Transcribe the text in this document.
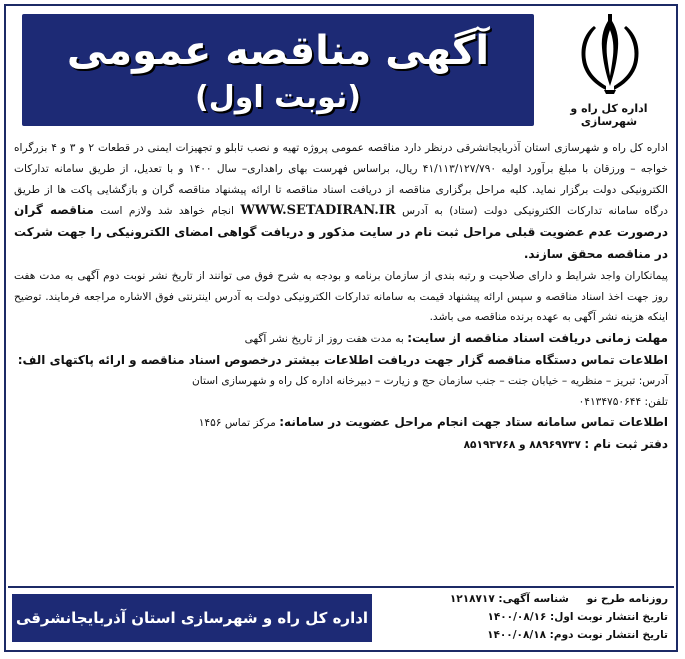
آگهی مناقصه عمومی
(نوبت اول)	اداره کل راه و شهرسازی

اداره کل راه و شهرسازی استان آذربایجانشرقی درنظر دارد مناقصه عمومی پروژه تهیه و نصب تابلو و تجهیزات ایمنی در قطعات ۲ و ۳ و ۴ بزرگراه خواجه – ورزقان با مبلغ برآورد اولیه ۴۱/۱۱۳/۱۲۷/۷۹۰ ریال، براساس فهرست بهای راهداری– سال ۱۴۰۰ و با تعدیل، از طریق سامانه تدارکات الکترونیکی دولت برگزار نماید. کلیه مراحل برگزاری مناقصه از دریافت اسناد مناقصه تا ارائه پیشنهاد مناقصه گران و بازگشایی پاکت ها از طریق درگاه سامانه تدارکات الکترونیکی دولت (ستاد) به آدرس WWW.SETADIRAN.IR انجام خواهد شد ولازم است مناقصه گران درصورت عدم عضویت قبلی مراحل ثبت نام در سایت مذکور و دریافت گواهی امضای الکترونیکی را جهت شرکت در مناقصه محقق سازند.

پیمانکاران واجد شرایط و دارای صلاحیت و رتبه بندی از سازمان برنامه و بودجه به شرح فوق می توانند از تاریخ نشر نوبت دوم آگهی به مدت هفت روز جهت اخذ اسناد مناقصه و سپس ارائه پیشنهاد قیمت به سامانه تدارکات الکترونیکی دولت به آدرس اینترنتی فوق الاشاره مراجعه فرمایند. توضیح اینکه هزینه نشر آگهی به عهده برنده مناقصه می باشد.

مهلت زمانی دریافت اسناد مناقصه از سایت: به مدت هفت روز از تاریخ نشر آگهی

اطلاعات تماس دستگاه مناقصه گزار جهت دریافت اطلاعات بیشتر درخصوص اسناد مناقصه و ارائه پاکتهای الف:

آدرس: تبریز – منظریه – خیابان جنت – جنب سازمان حج و زیارت – دبیرخانه اداره کل راه و شهرسازی استان

تلفن: ۰۴۱۳۴۷۵۰۶۴۴

اطلاعات تماس سامانه ستاد جهت انجام مراحل عضویت در سامانه: مرکز تماس ۱۴۵۶

دفتر ثبت نام : ۸۸۹۶۹۷۳۷ و ۸۵۱۹۳۷۶۸

روزنامه طرح نو
شناسه آگهی: ۱۲۱۸۷۱۷
تاریخ انتشار نوبت اول: ۱۴۰۰/۰۸/۱۶
تاریخ انتشار نوبت دوم: ۱۴۰۰/۰۸/۱۸
اداره کل راه و شهرسازی استان آذربایجانشرقی
